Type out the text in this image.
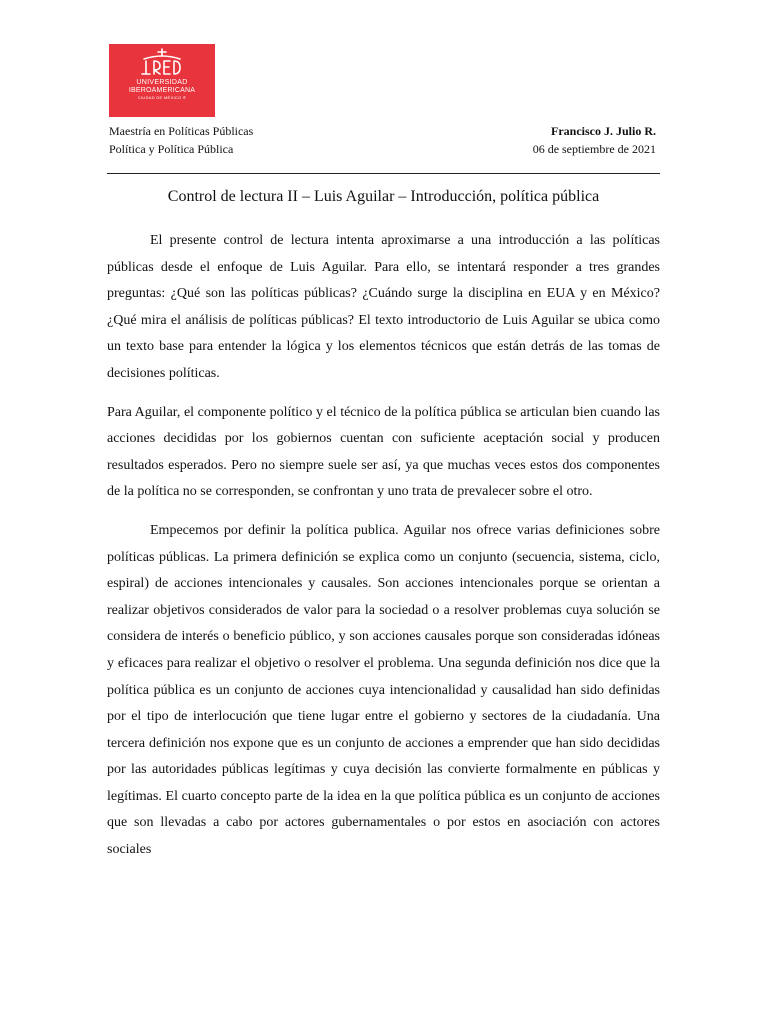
UNIVERSIDAD
IBEROAMERICANA
CIUDAD DE MÉXICO ®
Maestría en Políticas Públicas
Política y Política Pública
Francisco J. Julio R.
06 de septiembre de 2021
Control de lectura II – Luis Aguilar – Introducción, política pública

El presente control de lectura intenta aproximarse a una introducción a las políticas públicas desde el enfoque de Luis Aguilar. Para ello, se intentará responder a tres grandes preguntas: ¿Qué son las políticas públicas? ¿Cuándo surge la disciplina en EUA y en México? ¿Qué mira el análisis de políticas públicas? El texto introductorio de Luis Aguilar se ubica como un texto base para entender la lógica y los elementos técnicos que están detrás de las tomas de decisiones políticas.

Para Aguilar, el componente político y el técnico de la política pública se articulan bien cuando las acciones decididas por los gobiernos cuentan con suficiente aceptación social y producen resultados esperados. Pero no siempre suele ser así, ya que muchas veces estos dos componentes de la política no se corresponden, se confrontan y uno trata de prevalecer sobre el otro.

Empecemos por definir la política publica. Aguilar nos ofrece varias definiciones sobre políticas públicas. La primera definición se explica como un conjunto (secuencia, sistema, ciclo, espiral) de acciones intencionales y causales. Son acciones intencionales porque se orientan a realizar objetivos considerados de valor para la sociedad o a resolver problemas cuya solución se considera de interés o beneficio público, y son acciones causales porque son consideradas idóneas y eficaces para realizar el objetivo o resolver el problema. Una segunda definición nos dice que la política pública es un conjunto de acciones cuya intencionalidad y causalidad han sido definidas por el tipo de interlocución que tiene lugar entre el gobierno y sectores de la ciudadanía. Una tercera definición nos expone que es un conjunto de acciones a emprender que han sido decididas por las autoridades públicas legítimas y cuya decisión las convierte formalmente en públicas y legítimas. El cuarto concepto parte de la idea en la que política pública es un conjunto de acciones que son llevadas a cabo por actores gubernamentales o por estos en asociación con actores sociales
